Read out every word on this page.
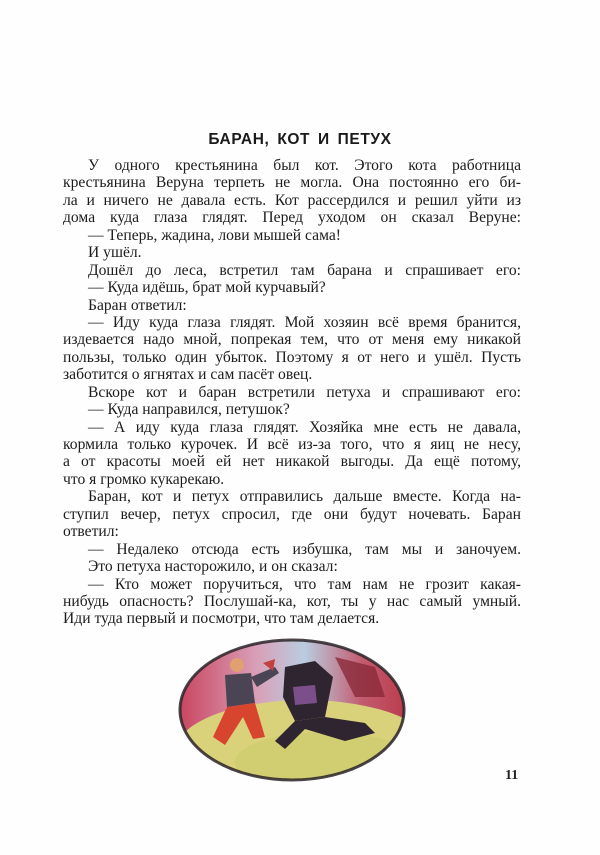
БАРАН, КОТ И ПЕТУХ
У одного крестьянина был кот. Этого кота работница
крестьянина Веруна терпеть не могла. Она постоянно его би-
ла и ничего не давала есть. Кот рассердился и решил уйти из
дома куда глаза глядят. Перед уходом он сказал Веруне:
— Теперь, жадина, лови мышей сама!
И ушёл.
Дошёл до леса, встретил там барана и спрашивает его:
— Куда идёшь, брат мой курчавый?
Баран ответил:
— Иду куда глаза глядят. Мой хозяин всё время бранится,
издевается надо мной, попрекая тем, что от меня ему никакой
пользы, только один убыток. Поэтому я от него и ушёл. Пусть
заботится о ягнятах и сам пасёт овец.
Вскоре кот и баран встретили петуха и спрашивают его:
— Куда направился, петушок?
— А иду куда глаза глядят. Хозяйка мне есть не давала,
кормила только курочек. И всё из-за того, что я яиц не несу,
а от красоты моей ей нет никакой выгоды. Да ещё потому,
что я громко кукарекаю.
Баран, кот и петух отправились дальше вместе. Когда на-
ступил вечер, петух спросил, где они будут ночевать. Баран
ответил:
— Недалеко отсюда есть избушка, там мы и заночуем.
Это петуха насторожило, и он сказал:
— Кто может поручиться, что там нам не грозит какая-
нибудь опасность? Послушай-ка, кот, ты у нас самый умный.
Иди туда первый и посмотри, что там делается.
11
